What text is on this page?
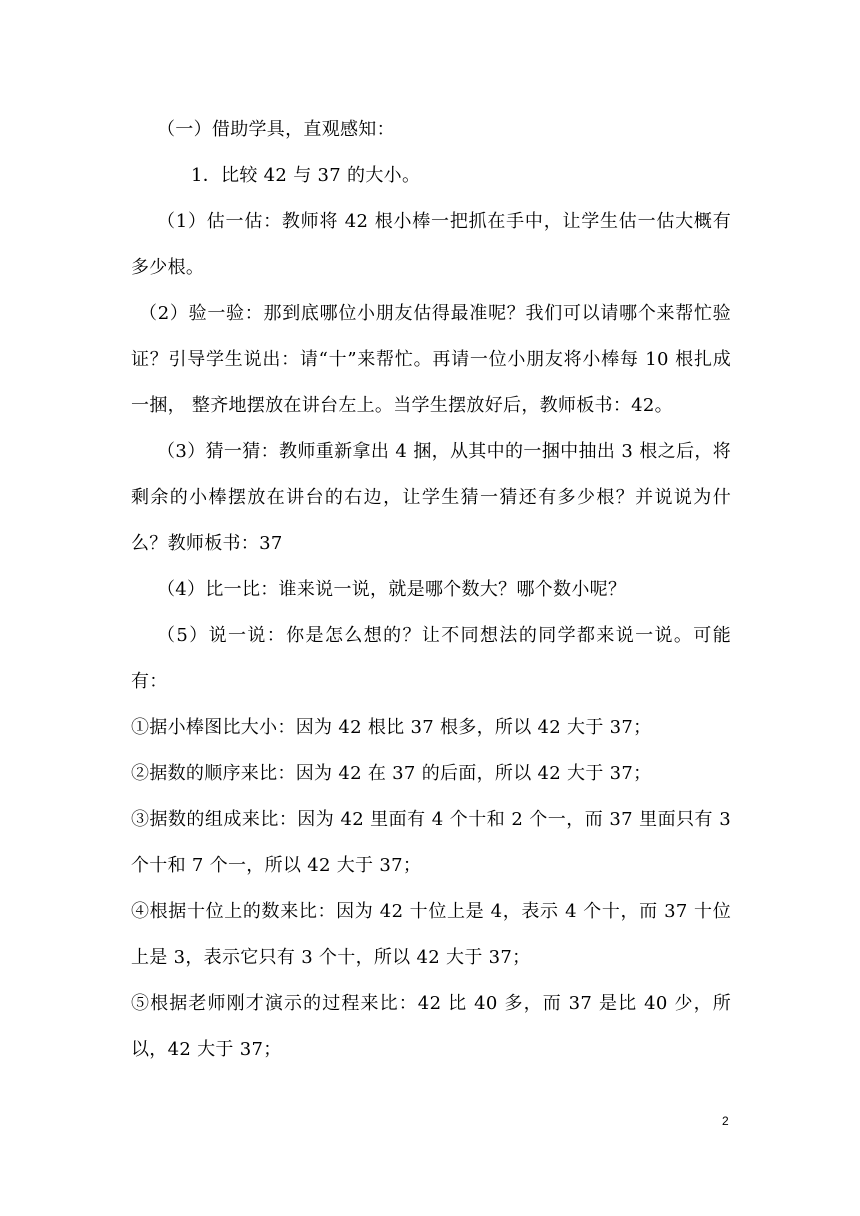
（一）借助学具，直观感知：

1．比较 42 与 37 的大小。

（1）估一估：教师将 42 根小棒一把抓在手中，让学生估一估大概有多少根。

（2）验一验：那到底哪位小朋友估得最准呢？我们可以请哪个来帮忙验证？引导学生说出：请“十”来帮忙。再请一位小朋友将小棒每 10 根扎成一捆， 整齐地摆放在讲台左上。当学生摆放好后，教师板书：42。

（3）猜一猜：教师重新拿出 4 捆，从其中的一捆中抽出 3 根之后，将剩余的小棒摆放在讲台的右边，让学生猜一猜还有多少根？并说说为什么？教师板书：37

（4）比一比：谁来说一说，就是哪个数大？哪个数小呢？

（5）说一说：你是怎么想的？让不同想法的同学都来说一说。可能有：

①据小棒图比大小：因为 42 根比 37 根多，所以 42 大于 37；

②据数的顺序来比：因为 42 在 37 的后面，所以 42 大于 37；

③据数的组成来比：因为 42 里面有 4 个十和 2 个一，而 37 里面只有 3 个十和 7 个一，所以 42 大于 37；

④根据十位上的数来比：因为 42 十位上是 4，表示 4 个十，而 37 十位上是 3，表示它只有 3 个十，所以 42 大于 37；

⑤根据老师刚才演示的过程来比：42 比 40 多，而 37 是比 40 少，所以，42 大于 37；

2
